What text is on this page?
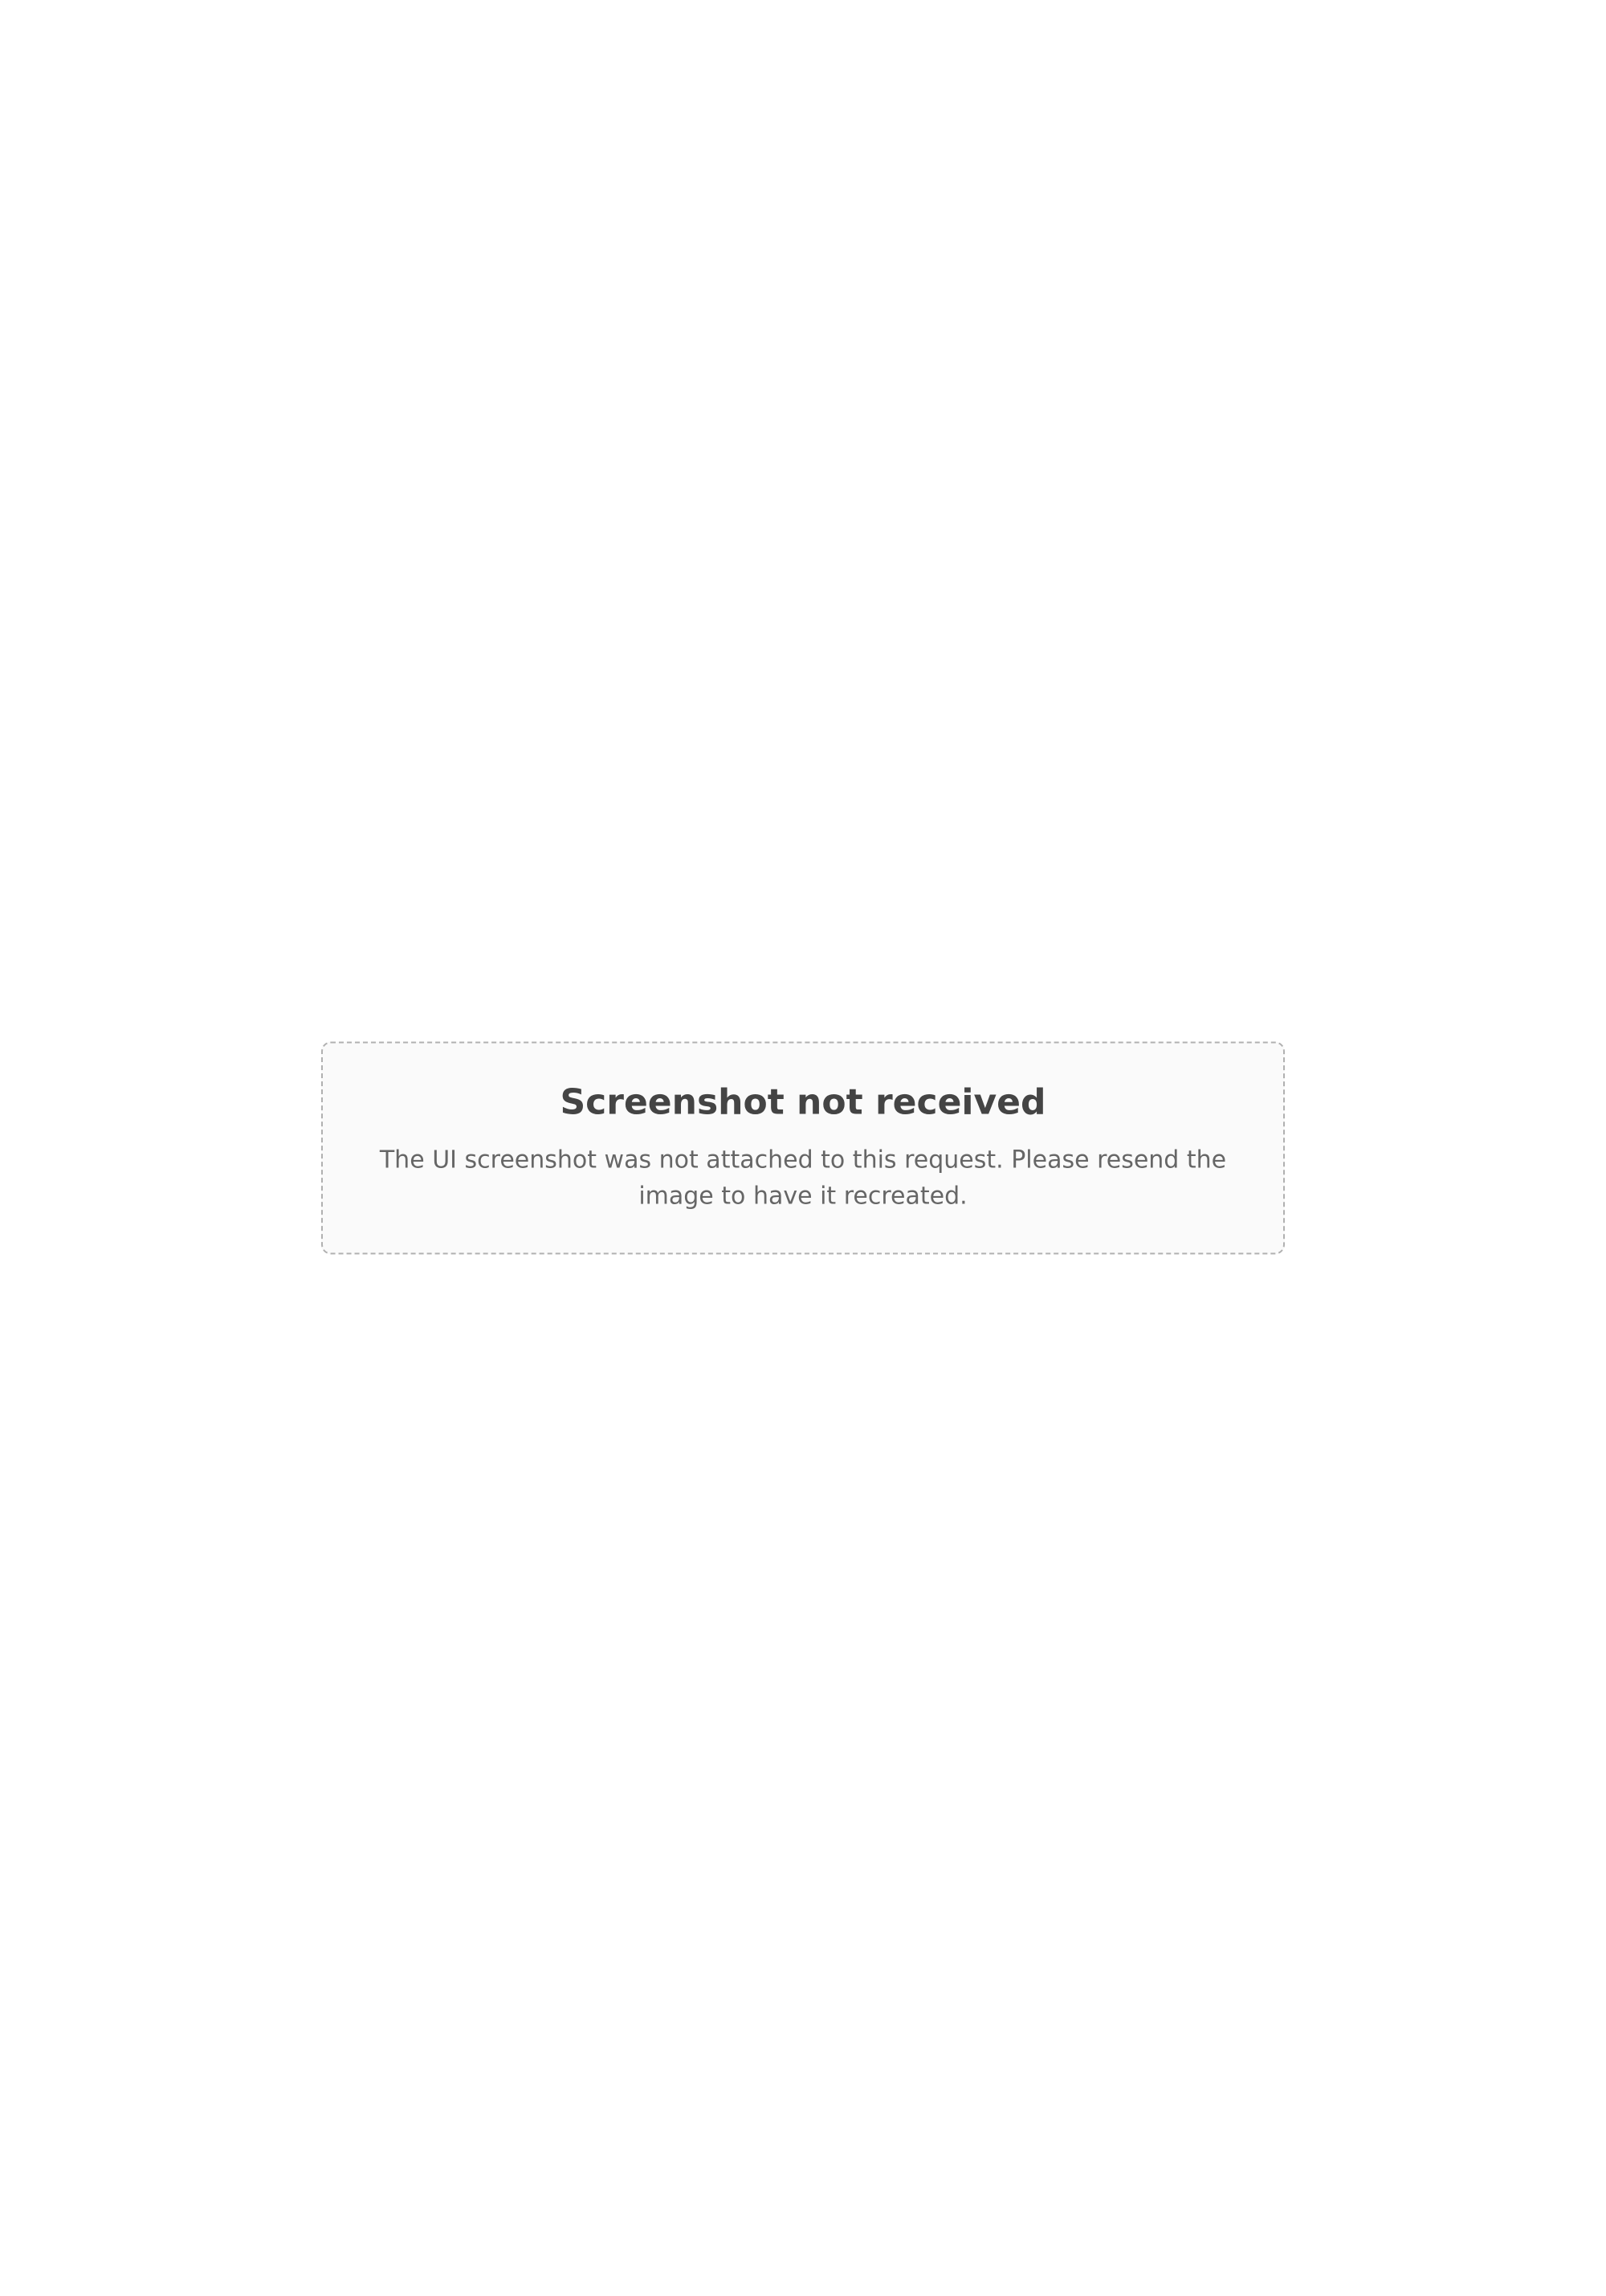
Screenshot not received

The UI screenshot was not attached to this request. Please resend the image to have it recreated.
